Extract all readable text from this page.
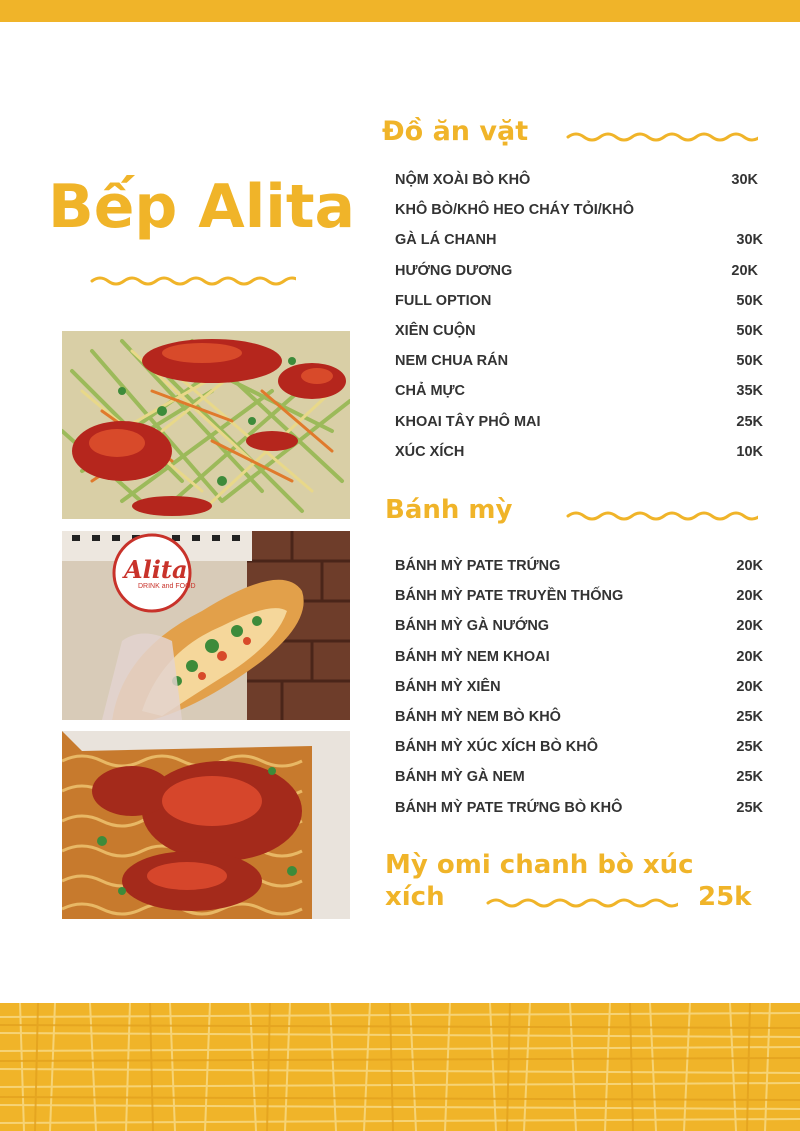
Bếp Alita
Alita
DRINK and FOOD
Đồ ăn vặt
NỘM XOÀI BÒ KHÔ	30K
KHÔ BÒ/KHÔ HEO CHÁY TỎI/KHÔ
GÀ LÁ CHANH	30K
HƯỚNG DƯƠNG	20K
FULL OPTION	50K
XIÊN CUỘN	50K
NEM CHUA RÁN	50K
CHẢ MỰC	35K
KHOAI TÂY PHÔ MAI	25K
XÚC XÍCH	10K
Bánh mỳ
BÁNH MỲ PATE TRỨNG	20K
BÁNH MỲ PATE TRUYỀN THỐNG	20K
BÁNH MỲ GÀ NƯỚNG	20K
BÁNH MỲ NEM KHOAI	20K
BÁNH MỲ XIÊN	20K
BÁNH MỲ NEM BÒ KHÔ	25K
BÁNH MỲ XÚC XÍCH BÒ KHÔ	25K
BÁNH MỲ GÀ NEM	25K
BÁNH MỲ PATE TRỨNG BÒ KHÔ	25K
Mỳ omi chanh bò xúc
xích	25k
